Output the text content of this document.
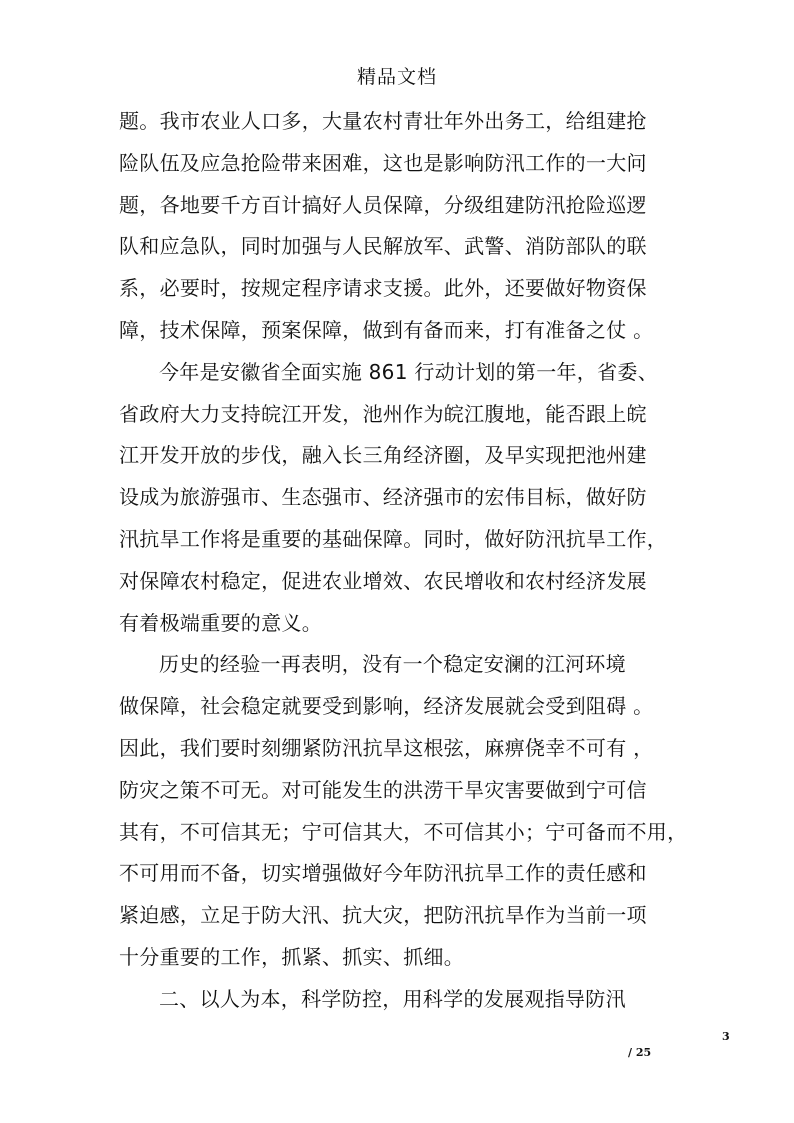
精品文档
题。我市农业人口多，大量农村青壮年外出务工，给组建抢
险队伍及应急抢险带来困难，这也是影响防汛工作的一大问
题，各地要千方百计搞好人员保障，分级组建防汛抢险巡逻
队和应急队，同时加强与人民解放军、武警、消防部队的联
系，必要时，按规定程序请求支援。此外，还要做好物资保
障，技术保障，预案保障，做到有备而来，打有准备之仗 。
今年是安徽省全面实施 861 行动计划的第一年，省委、
省政府大力支持皖江开发，池州作为皖江腹地，能否跟上皖
江开发开放的步伐，融入长三角经济圈，及早实现把池州建
设成为旅游强市、生态强市、经济强市的宏伟目标，做好防
汛抗旱工作将是重要的基础保障。同时，做好防汛抗旱工作，
对保障农村稳定，促进农业增效、农民增收和农村经济发展
有着极端重要的意义。
历史的经验一再表明，没有一个稳定安澜的江河环境
做保障，社会稳定就要受到影响，经济发展就会受到阻碍 。
因此，我们要时刻绷紧防汛抗旱这根弦，麻痹侥幸不可有 ，
防灾之策不可无。对可能发生的洪涝干旱灾害要做到宁可信
其有，不可信其无；宁可信其大，不可信其小；宁可备而不用，
不可用而不备，切实增强做好今年防汛抗旱工作的责任感和
紧迫感，立足于防大汛、抗大灾，把防汛抗旱作为当前一项
十分重要的工作，抓紧、抓实、抓细。
二、以人为本，科学防控，用科学的发展观指导防汛
3
/ 25
